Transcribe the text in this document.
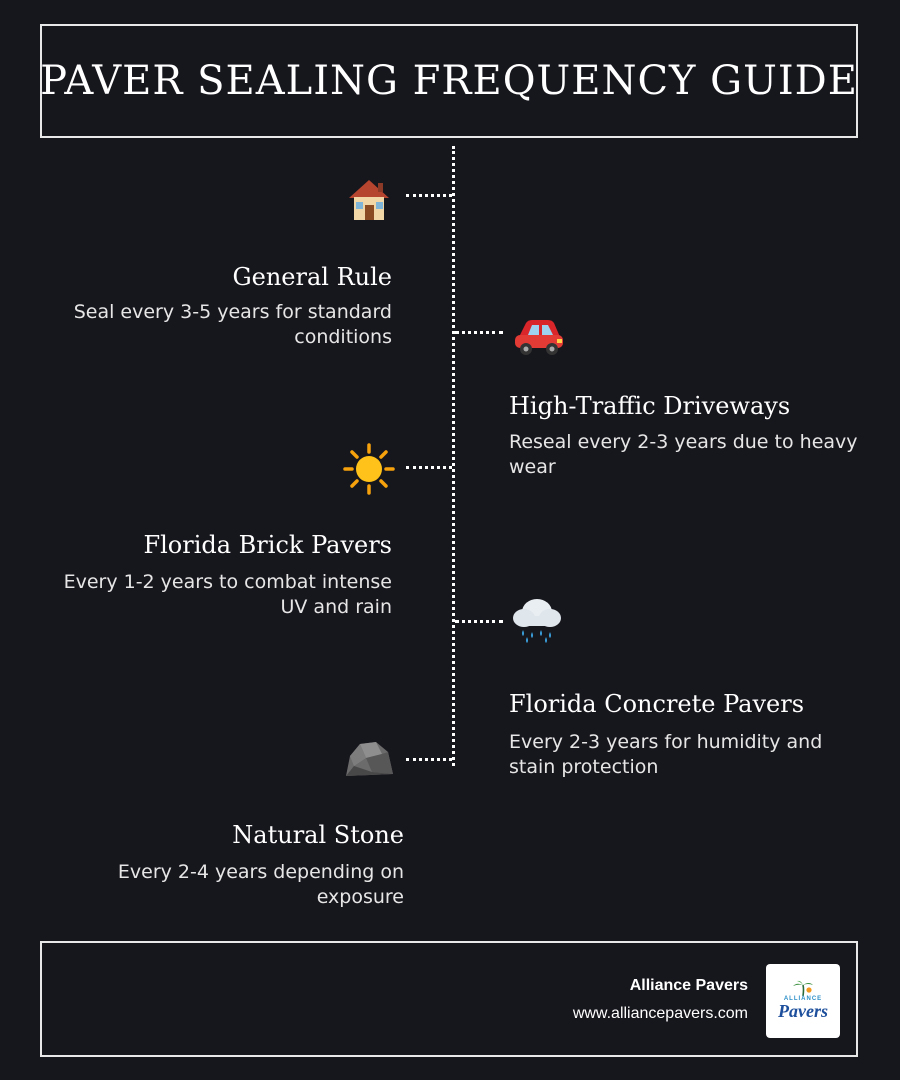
PAVER SEALING FREQUENCY GUIDE
General Rule
Seal every 3-5 years for standard conditions
High-Traffic Driveways
Reseal every 2-3 years due to heavy wear
Florida Brick Pavers
Every 1-2 years to combat intense UV and rain
Florida Concrete Pavers
Every 2-3 years for humidity and stain protection
Natural Stone
Every 2-4 years depending on exposure
Alliance Pavers
www.alliancepavers.com
ALLIANCE
Pavers
